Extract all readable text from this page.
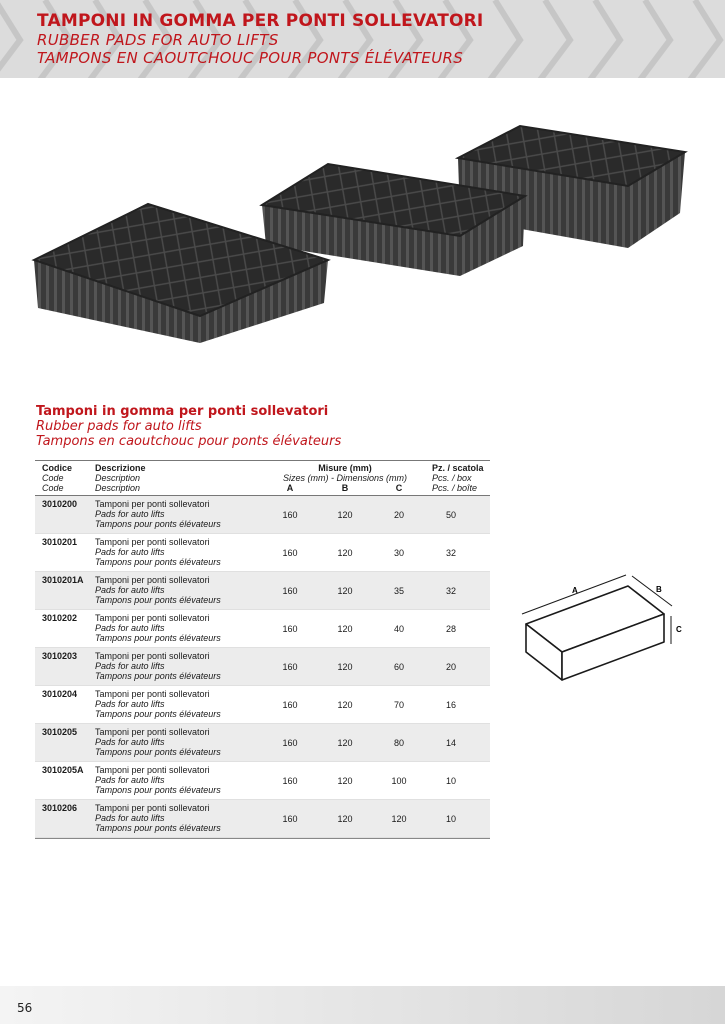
TAMPONI IN GOMMA PER PONTI SOLLEVATORI
RUBBER PADS FOR AUTO LIFTS
TAMPONS EN CAOUTCHOUC POUR PONTS ÉLÉVATEURS
Tamponi in gomma per ponti sollevatori
Rubber pads for auto lifts
Tampons en caoutchouc pour ponts élévateurs
Codice
Code
Code
Descrizione
Description
Description
Misure (mm)
Sizes (mm) - Dimensions (mm)
A	B	C
Pz. / scatola
Pcs. / box
Pcs. / boîte
3010200 Tamponi per ponti sollevatori
Pads for auto lifts
Tampons pour ponts élévateurs
160	120	20	50
3010201 Tamponi per ponti sollevatori
Pads for auto lifts
Tampons pour ponts élévateurs
160	120	30	32
3010201A Tamponi per ponti sollevatori
Pads for auto lifts
Tampons pour ponts élévateurs
160	120	35	32
3010202 Tamponi per ponti sollevatori
Pads for auto lifts
Tampons pour ponts élévateurs
160	120	40	28
3010203 Tamponi per ponti sollevatori
Pads for auto lifts
Tampons pour ponts élévateurs
160	120	60	20
3010204 Tamponi per ponti sollevatori
Pads for auto lifts
Tampons pour ponts élévateurs
160	120	70	16
3010205 Tamponi per ponti sollevatori
Pads for auto lifts
Tampons pour ponts élévateurs
160	120	80	14
3010205A Tamponi per ponti sollevatori
Pads for auto lifts
Tampons pour ponts élévateurs
160	120	100	10
3010206 Tamponi per ponti sollevatori
Pads for auto lifts
Tampons pour ponts élévateurs
160	120	120	10
A	B
C
56
